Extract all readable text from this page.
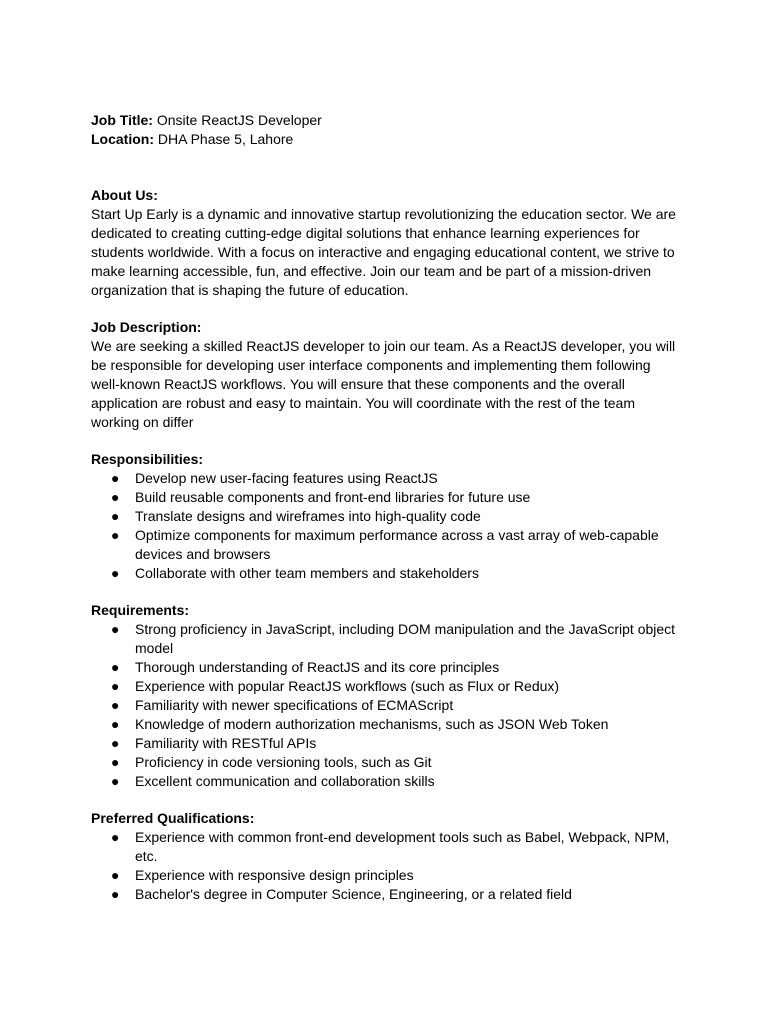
Job Title: Onsite ReactJS Developer

Location: DHA Phase 5, Lahore

About Us:

Start Up Early is a dynamic and innovative startup revolutionizing the education sector. We are dedicated to creating cutting-edge digital solutions that enhance learning experiences for students worldwide. With a focus on interactive and engaging educational content, we strive to make learning accessible, fun, and effective. Join our team and be part of a mission-driven organization that is shaping the future of education.

Job Description:

We are seeking a skilled ReactJS developer to join our team. As a ReactJS developer, you will be responsible for developing user interface components and implementing them following well-known ReactJS workflows. You will ensure that these components and the overall application are robust and easy to maintain. You will coordinate with the rest of the team working on differ

Responsibilities:

●	Develop new user-facing features using ReactJS
●	Build reusable components and front-end libraries for future use
●	Translate designs and wireframes into high-quality code
●	Optimize components for maximum performance across a vast array of web-capable devices and browsers
●	Collaborate with other team members and stakeholders

Requirements:

●	Strong proficiency in JavaScript, including DOM manipulation and the JavaScript object model
●	Thorough understanding of ReactJS and its core principles
●	Experience with popular ReactJS workflows (such as Flux or Redux)
●	Familiarity with newer specifications of ECMAScript
●	Knowledge of modern authorization mechanisms, such as JSON Web Token
●	Familiarity with RESTful APIs
●	Proficiency in code versioning tools, such as Git
●	Excellent communication and collaboration skills

Preferred Qualifications:

●	Experience with common front-end development tools such as Babel, Webpack, NPM, etc.
●	Experience with responsive design principles
●	Bachelor's degree in Computer Science, Engineering, or a related field
